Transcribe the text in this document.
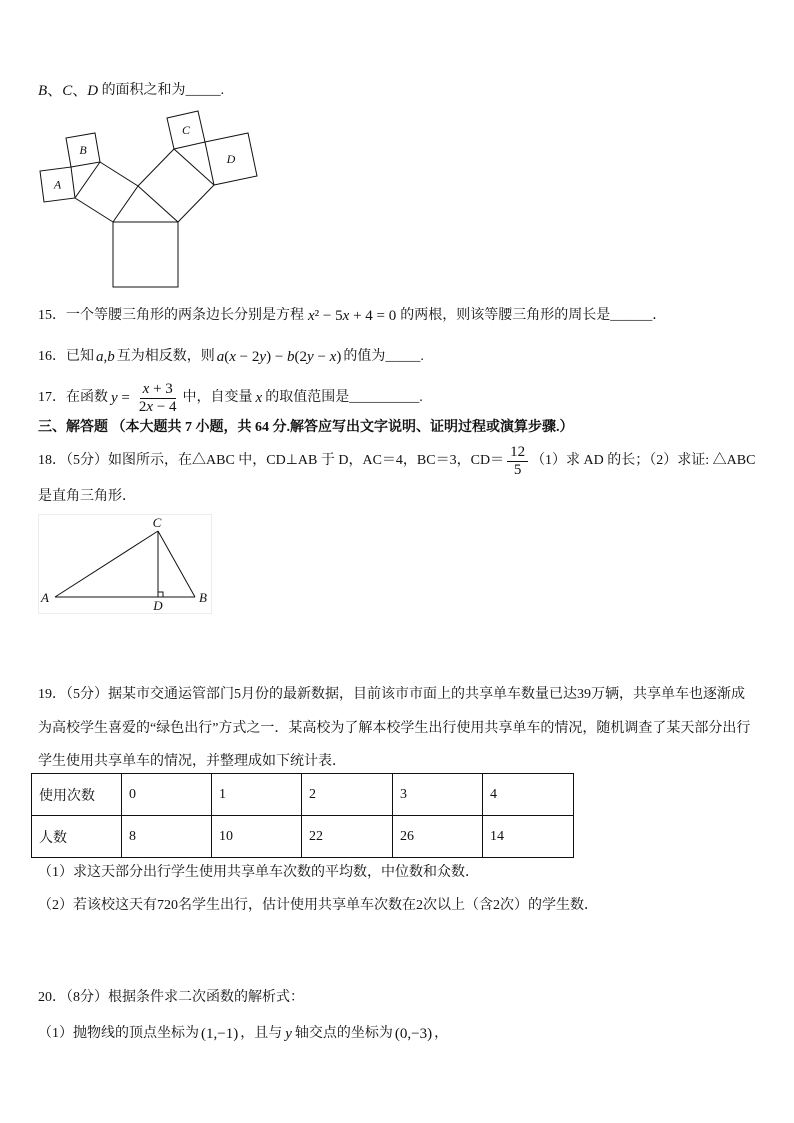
B、C、D 的面积之和为 _____ .
A
B
C
D
15．一个等腰三角形的两条边长分别是方程 x² − 5x + 4 = 0 的两根，则该等腰三角形的周长是 ______ ．
16．已知 a,b 互为相反数，则 a(x − 2y) − b(2y − x) 的值为 _____ .
17．在函数 $y = \frac{x + 3}{2x - 4}$ 中，自变量 x 的取值范围是 __________ .
三、解答题 （本大题共 7 小题，共 64 分.解答应写出文字说明、证明过程或演算步骤.）
18．（5分）如图所示，在△ABC 中，CD⊥AB 于 D，AC＝4，BC＝3，$CD= \frac{12}{5} (1)$求 AD 的长；（2）求证: △ABC
是直角三角形．
C
A
D
B
19．（5分）据某市交通运管部门5月份的最新数据，目前该市市面上的共享单车数量已达39万辆，共享单车也逐渐成
为高校学生喜爱的“绿色出行”方式之一．某高校为了解本校学生出行使用共享单车的情况，随机调查了某天部分出行
学生使用共享单车的情况，并整理成如下统计表．
使用次数	0	1	2	3	4
人数	8	10	22	26	14
（1）求这天部分出行学生使用共享单车次数的平均数，中位数和众数．
（2）若该校这天有720名学生出行，估计使用共享单车次数在2次以上（含2次）的学生数．
20．（8分）根据条件求二次函数的解析式：
（1）抛物线的顶点坐标为 (1,−1) ，且与 y 轴交点的坐标为 (0,−3) ，
